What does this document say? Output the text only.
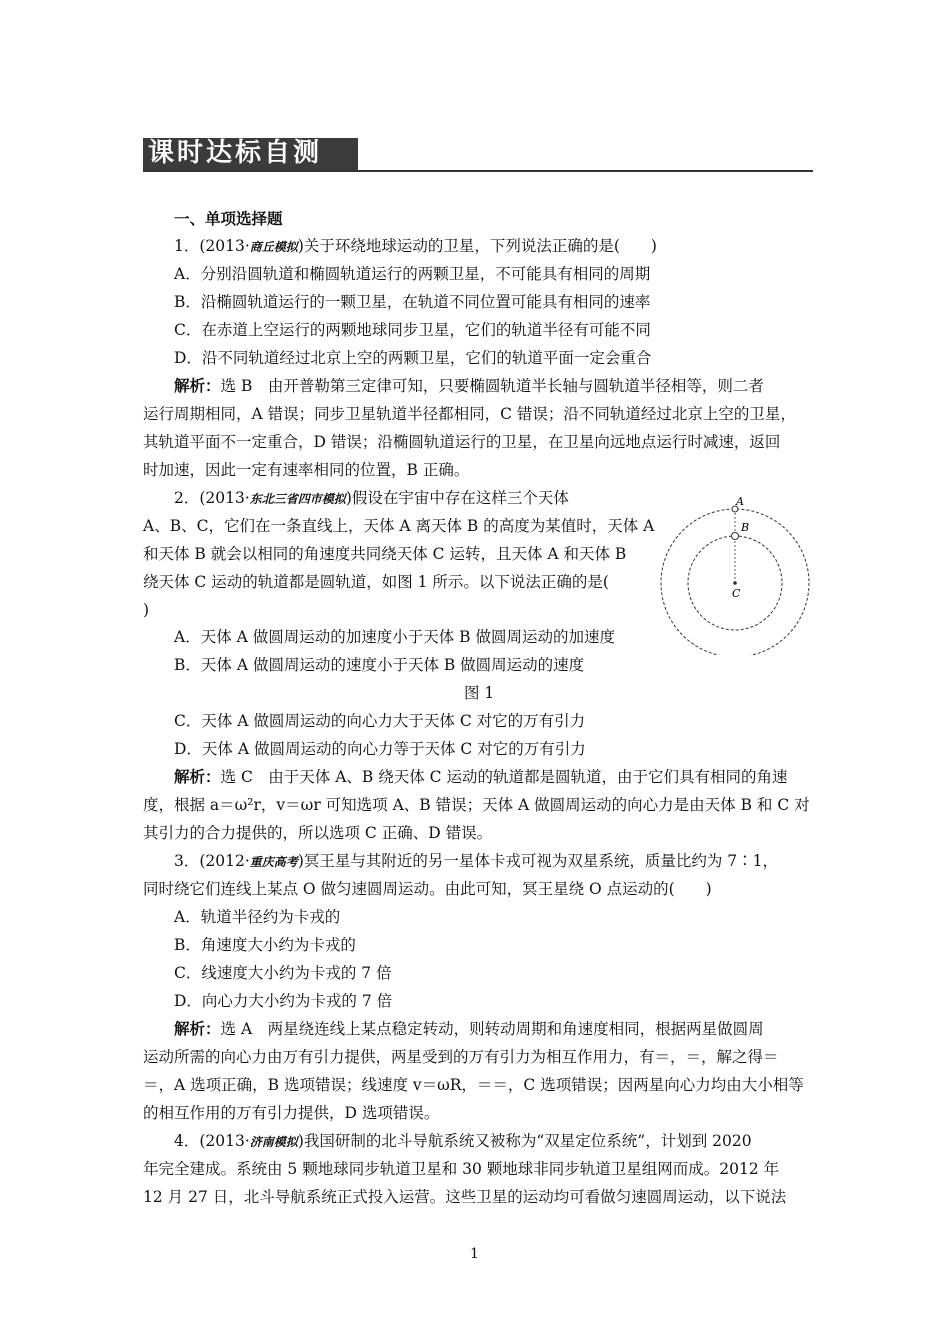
课时达标自测
一、单项选择题
1．(2013·商丘模拟)关于环绕地球运动的卫星，下列说法正确的是(　　)
A．分别沿圆轨道和椭圆轨道运行的两颗卫星，不可能具有相同的周期
B．沿椭圆轨道运行的一颗卫星，在轨道不同位置可能具有相同的速率
C．在赤道上空运行的两颗地球同步卫星，它们的轨道半径有可能不同
D．沿不同轨道经过北京上空的两颗卫星，它们的轨道平面一定会重合
解析：选 B　由开普勒第三定律可知，只要椭圆轨道半长轴与圆轨道半径相等，则二者
运行周期相同，A 错误；同步卫星轨道半径都相同，C 错误；沿不同轨道经过北京上空的卫星，
其轨道平面不一定重合，D 错误；沿椭圆轨道运行的卫星，在卫星向远地点运行时减速，返回
时加速，因此一定有速率相同的位置，B 正确。
2．(2013·东北三省四市模拟)假设在宇宙中存在这样三个天体
A、B、C，它们在一条直线上，天体 A 离天体 B 的高度为某值时，天体 A
和天体 B 就会以相同的角速度共同绕天体 C 运转，且天体 A 和天体 B
绕天体 C 运动的轨道都是圆轨道，如图 1 所示。以下说法正确的是(
)
A．天体 A 做圆周运动的加速度小于天体 B 做圆周运动的加速度
B．天体 A 做圆周运动的速度小于天体 B 做圆周运动的速度
图 1
C．天体 A 做圆周运动的向心力大于天体 C 对它的万有引力
D．天体 A 做圆周运动的向心力等于天体 C 对它的万有引力
解析：选 C　由于天体 A、B 绕天体 C 运动的轨道都是圆轨道，由于它们具有相同的角速
度，根据 a＝ω²r，v＝ωr 可知选项 A、B 错误；天体 A 做圆周运动的向心力是由天体 B 和 C 对
其引力的合力提供的，所以选项 C 正确、D 错误。
A
B
C
3．(2012·重庆高考)冥王星与其附近的另一星体卡戎可视为双星系统，质量比约为 7∶1，
同时绕它们连线上某点 O 做匀速圆周运动。由此可知，冥王星绕 O 点运动的(　　)
A．轨道半径约为卡戎的
B．角速度大小约为卡戎的
C．线速度大小约为卡戎的 7 倍
D．向心力大小约为卡戎的 7 倍
解析：选 A　两星绕连线上某点稳定转动，则转动周期和角速度相同，根据两星做圆周
运动所需的向心力由万有引力提供，两星受到的万有引力为相互作用力，有＝，＝，解之得＝
＝，A 选项正确，B 选项错误；线速度 v＝ωR，＝＝，C 选项错误；因两星向心力均由大小相等
的相互作用的万有引力提供，D 选项错误。
4．(2013·济南模拟)我国研制的北斗导航系统又被称为“双星定位系统”，计划到 2020
年完全建成。系统由 5 颗地球同步轨道卫星和 30 颗地球非同步轨道卫星组网而成。2012 年
12 月 27 日，北斗导航系统正式投入运营。这些卫星的运动均可看做匀速圆周运动，以下说法
1
